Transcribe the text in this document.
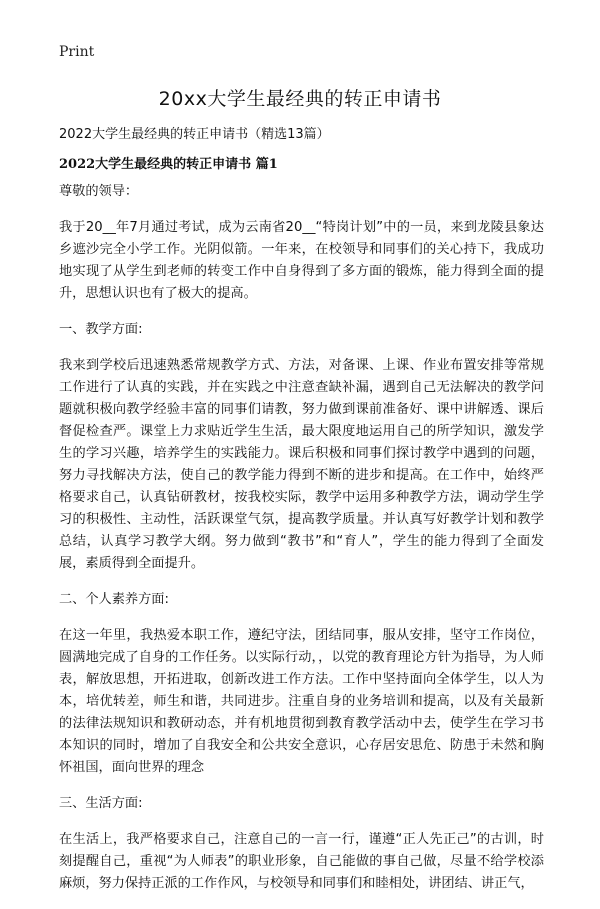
Print
20xx大学生最经典的转正申请书

2022大学生最经典的转正申请书（精选13篇）

2022大学生最经典的转正申请书 篇1

尊敬的领导：

我于20__年7月通过考试，成为云南省20__“特岗计划”中的一员，来到龙陵县象达乡遮沙完全小学工作。光阴似箭。一年来，在校领导和同事们的关心持下，我成功地实现了从学生到老师的转变工作中自身得到了多方面的锻炼，能力得到全面的提升，思想认识也有了极大的提高。

一、教学方面:

我来到学校后迅速熟悉常规教学方式、方法，对备课、上课、作业布置安排等常规工作进行了认真的实践，并在实践之中注意查缺补漏，遇到自己无法解决的教学问题就积极向教学经验丰富的同事们请教，努力做到课前准备好、课中讲解透、课后督促检查严。课堂上力求贴近学生生活，最大限度地运用自己的所学知识，激发学生的学习兴趣，培养学生的实践能力。课后积极和同事们探讨教学中遇到的问题，努力寻找解决方法，使自己的教学能力得到不断的进步和提高。在工作中，始终严格要求自己，认真钻研教材，按我校实际，教学中运用多种教学方法，调动学生学习的积极性、主动性，活跃课堂气氛，提高教学质量。并认真写好教学计划和教学总结，认真学习教学大纲。努力做到“教书”和“育人”，学生的能力得到了全面发展，素质得到全面提升。

二、个人素养方面:

在这一年里，我热爱本职工作，遵纪守法，团结同事，服从安排，坚守工作岗位，圆满地完成了自身的工作任务。以实际行动，，以党的教育理论方针为指导，为人师表，解放思想，开拓进取，创新改进工作方法。工作中坚持面向全体学生，以人为本，培优转差，师生和谐，共同进步。注重自身的业务培训和提高，以及有关最新的法律法规知识和教研动态，并有机地贯彻到教育教学活动中去，使学生在学习书本知识的同时，增加了自我安全和公共安全意识，心存居安思危、防患于未然和胸怀祖国，面向世界的理念

三、生活方面:

在生活上，我严格要求自己，注意自己的一言一行，谨遵“正人先正己”的古训，时刻提醒自己，重视“为人师表”的职业形象，自己能做的事自己做，尽量不给学校添麻烦，努力保持正派的工作作风，与校领导和同事们和睦相处，讲团结、讲正气，
